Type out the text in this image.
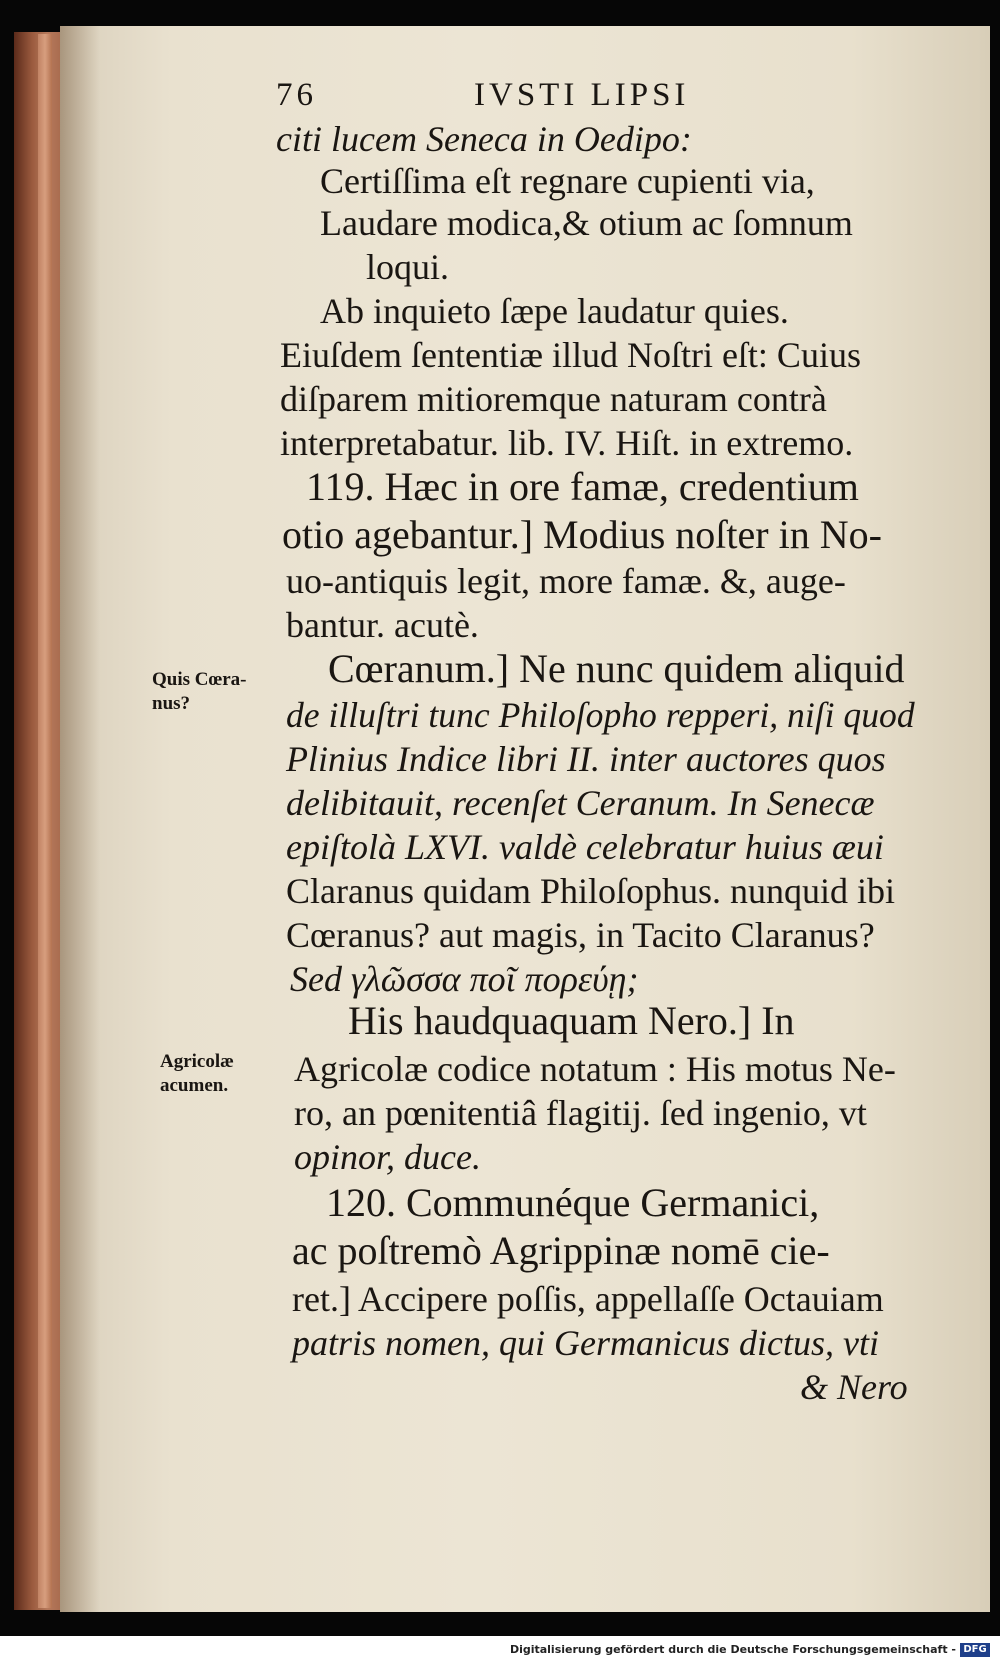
76	IVSTI LIPSI
Quis Cœra-
nus?
Agricolæ
acumen.
citi lucem Seneca in Oedipo:
Certiſſima eſt regnare cupienti via,
Laudare modica,& otium ac ſomnum
loqui.
Ab inquieto ſæpe laudatur quies.
Eiuſdem ſententiæ illud Noſtri eſt: Cuius
diſparem mitioremque naturam contrà
interpretabatur. lib. IV. Hiſt. in extremo.
119. Hæc in ore famæ, credentium
otio agebantur.] Modius noſter in No-
uo-antiquis legit, more famæ. &, auge-
bantur. acutè.
Cœranum.] Ne nunc quidem aliquid
de illuſtri tunc Philoſopho repperi, niſi quod
Plinius Indice libri II. inter auctores quos
delibitauit, recenſet Ceranum. In Senecæ
epiſtolà LXVI. valdè celebratur huius æui
Claranus quidam Philoſophus. nunquid ibi
Cœranus? aut magis, in Tacito Claranus?
Sed γλῶσσα ποῖ πορεύῃ;
His haudquaquam Nero.] In
Agricolæ codice notatum : His motus Ne-
ro, an pœnitentiâ flagitij. ſed ingenio, vt
opinor, duce.
120. Communéque Germanici,
ac poſtremò Agrippinæ nomē cie-
ret.] Accipere poſſis, appellaſſe Octauiam
patris nomen, qui Germanicus dictus, vti
& Nero
Digitalisierung gefördert durch die Deutsche Forschungsgemeinschaft - DFG
